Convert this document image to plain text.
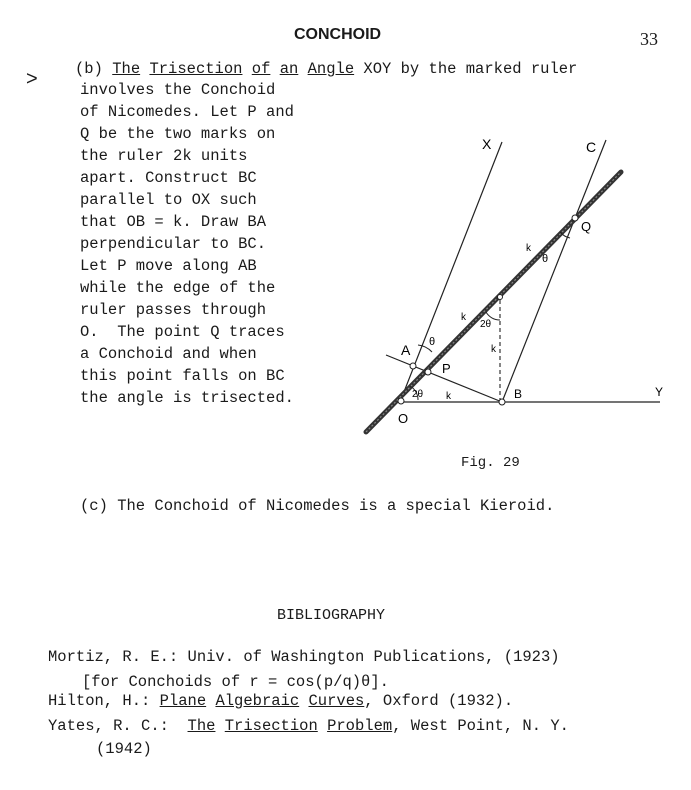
CONCHOID	33
>

(b) The Trisection of an Angle XOY by the marked ruler

involves the Conchoid

of Nicomedes. Let P and

Q be the two marks on

the ruler 2k units

apart. Construct BC

parallel to OX such

that OB = k. Draw BA

perpendicular to BC.

Let P move along AB

while the edge of the

ruler passes through

O.  The point Q traces

a Conchoid and when

this point falls on BC

the angle is trisected.

X	C
Q
A
P
O
B	Y
k
k
k
k
θ
θ
2θ
2θ
Fig. 29
(c) The Conchoid of Nicomedes is a special Kieroid.
BIBLIOGRAPHY
Mortiz, R. E.: Univ. of Washington Publications, (1923)
[for Conchoids of r = cos(p/q)θ].
Hilton, H.: Plane Algebraic Curves, Oxford (1932).
Yates, R. C.:  The Trisection Problem, West Point, N. Y.
(1942)
